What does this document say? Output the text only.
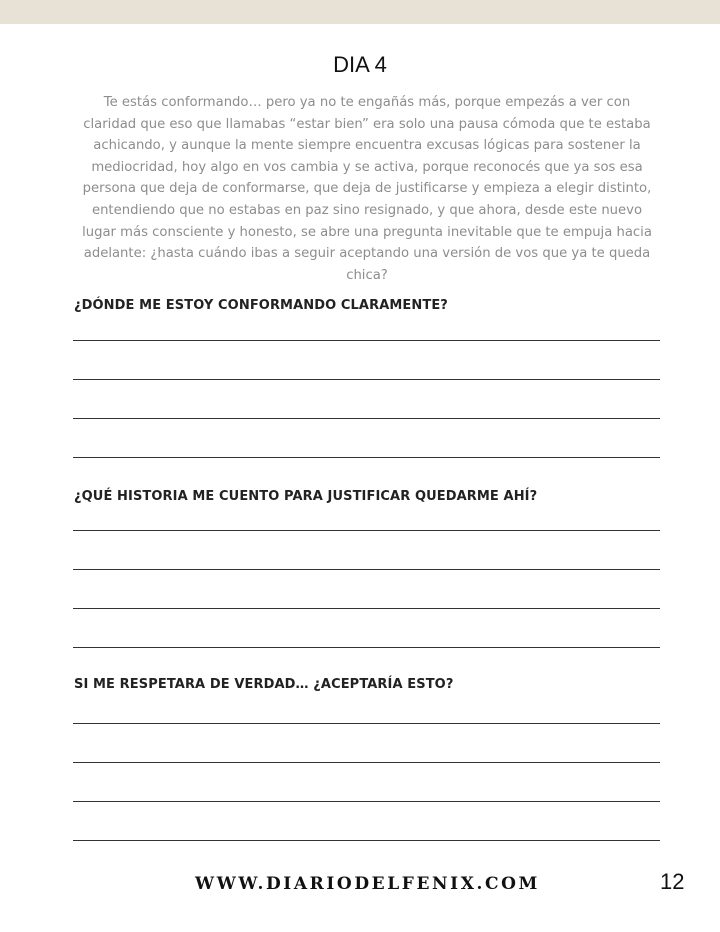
DIA 4
Te estás conformando… pero ya no te engañás más, porque empezás a ver con claridad que eso que llamabas “estar bien” era solo una pausa cómoda que te estaba achicando, y aunque la mente siempre encuentra excusas lógicas para sostener la mediocridad, hoy algo en vos cambia y se activa, porque reconocés que ya sos esa persona que deja de conformarse, que deja de justificarse y empieza a elegir distinto, entendiendo que no estabas en paz sino resignado, y que ahora, desde este nuevo lugar más consciente y honesto, se abre una pregunta inevitable que te empuja hacia adelante: ¿hasta cuándo ibas a seguir aceptando una versión de vos que ya te queda chica?
¿DÓNDE ME ESTOY CONFORMANDO CLARAMENTE?
¿QUÉ HISTORIA ME CUENTO PARA JUSTIFICAR QUEDARME AHÍ?
SI ME RESPETARA DE VERDAD… ¿ACEPTARÍA ESTO?
WWW.DIARIODELFENIX.COM	12
